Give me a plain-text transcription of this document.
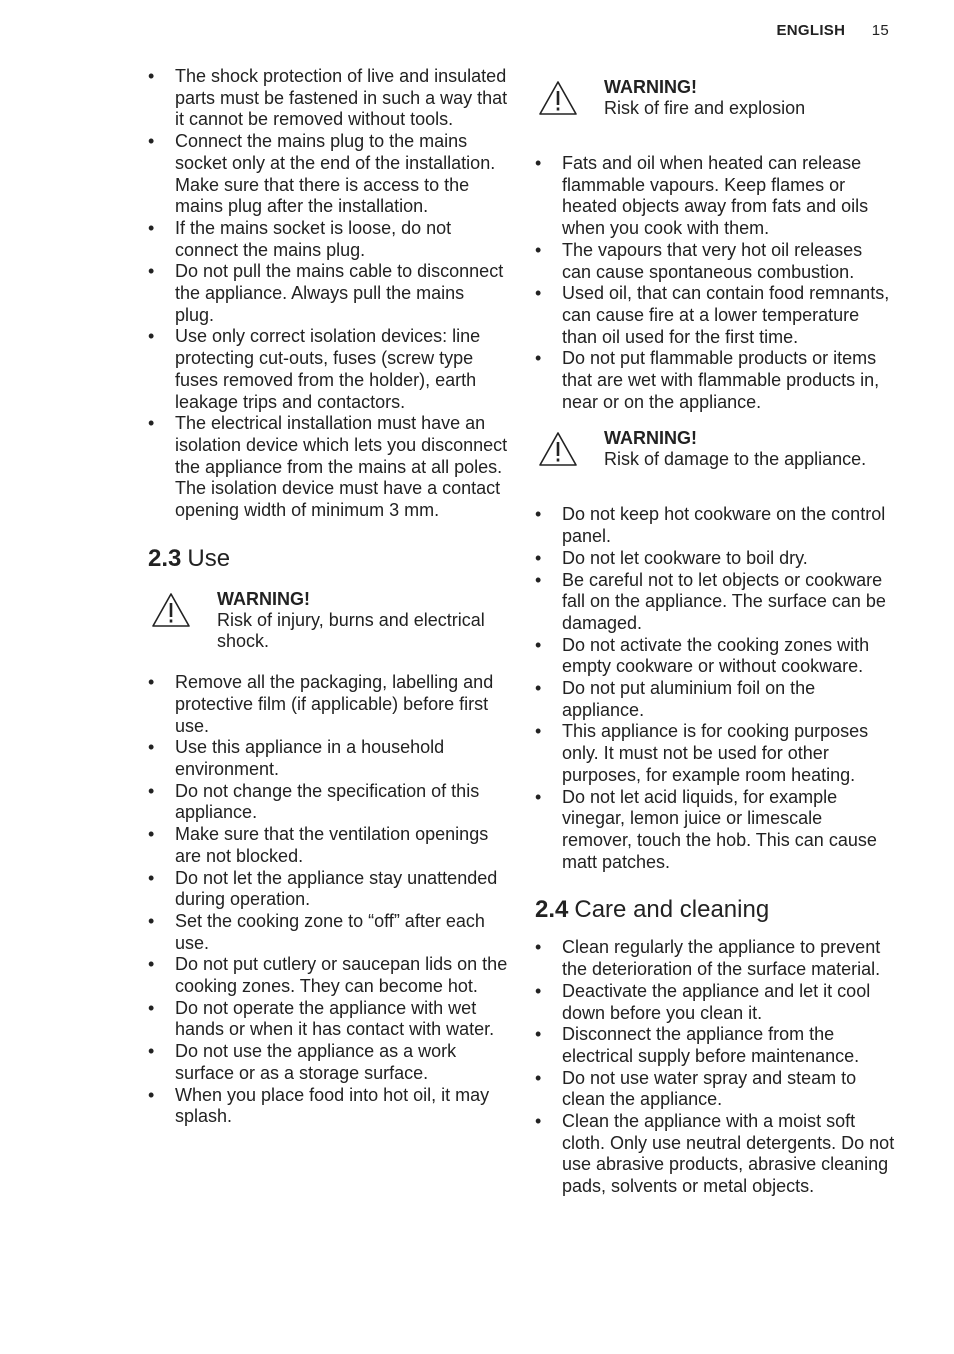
ENGLISH 15
• The shock protection of live and insulated parts must be fastened in such a way that it cannot be removed without tools.
• Connect the mains plug to the mains socket only at the end of the installation. Make sure that there is access to the mains plug after the installation.
• If the mains socket is loose, do not connect the mains plug.
• Do not pull the mains cable to disconnect the appliance. Always pull the mains plug.
• Use only correct isolation devices: line protecting cut-outs, fuses (screw type fuses removed from the holder), earth leakage trips and contactors.
• The electrical installation must have an isolation device which lets you disconnect the appliance from the mains at all poles. The isolation device must have a contact opening width of minimum 3 mm.
2.3 Use
WARNING!
Risk of injury, burns and electrical shock.
• Remove all the packaging, labelling and protective film (if applicable) before first use.
• Use this appliance in a household environment.
• Do not change the specification of this appliance.
• Make sure that the ventilation openings are not blocked.
• Do not let the appliance stay unattended during operation.
• Set the cooking zone to “off” after each use.
• Do not put cutlery or saucepan lids on the cooking zones. They can become hot.
• Do not operate the appliance with wet hands or when it has contact with water.
• Do not use the appliance as a work surface or as a storage surface.
• When you place food into hot oil, it may splash.
WARNING!
Risk of fire and explosion
• Fats and oil when heated can release flammable vapours. Keep flames or heated objects away from fats and oils when you cook with them.
• The vapours that very hot oil releases can cause spontaneous combustion.
• Used oil, that can contain food remnants, can cause fire at a lower temperature than oil used for the first time.
• Do not put flammable products or items that are wet with flammable products in, near or on the appliance.
WARNING!
Risk of damage to the appliance.
• Do not keep hot cookware on the control panel.
• Do not let cookware to boil dry.
• Be careful not to let objects or cookware fall on the appliance. The surface can be damaged.
• Do not activate the cooking zones with empty cookware or without cookware.
• Do not put aluminium foil on the appliance.
• This appliance is for cooking purposes only. It must not be used for other purposes, for example room heating.
• Do not let acid liquids, for example vinegar, lemon juice or limescale remover, touch the hob. This can cause matt patches.
2.4 Care and cleaning
• Clean regularly the appliance to prevent the deterioration of the surface material.
• Deactivate the appliance and let it cool down before you clean it.
• Disconnect the appliance from the electrical supply before maintenance.
• Do not use water spray and steam to clean the appliance.
• Clean the appliance with a moist soft cloth. Only use neutral detergents. Do not use abrasive products, abrasive cleaning pads, solvents or metal objects.
